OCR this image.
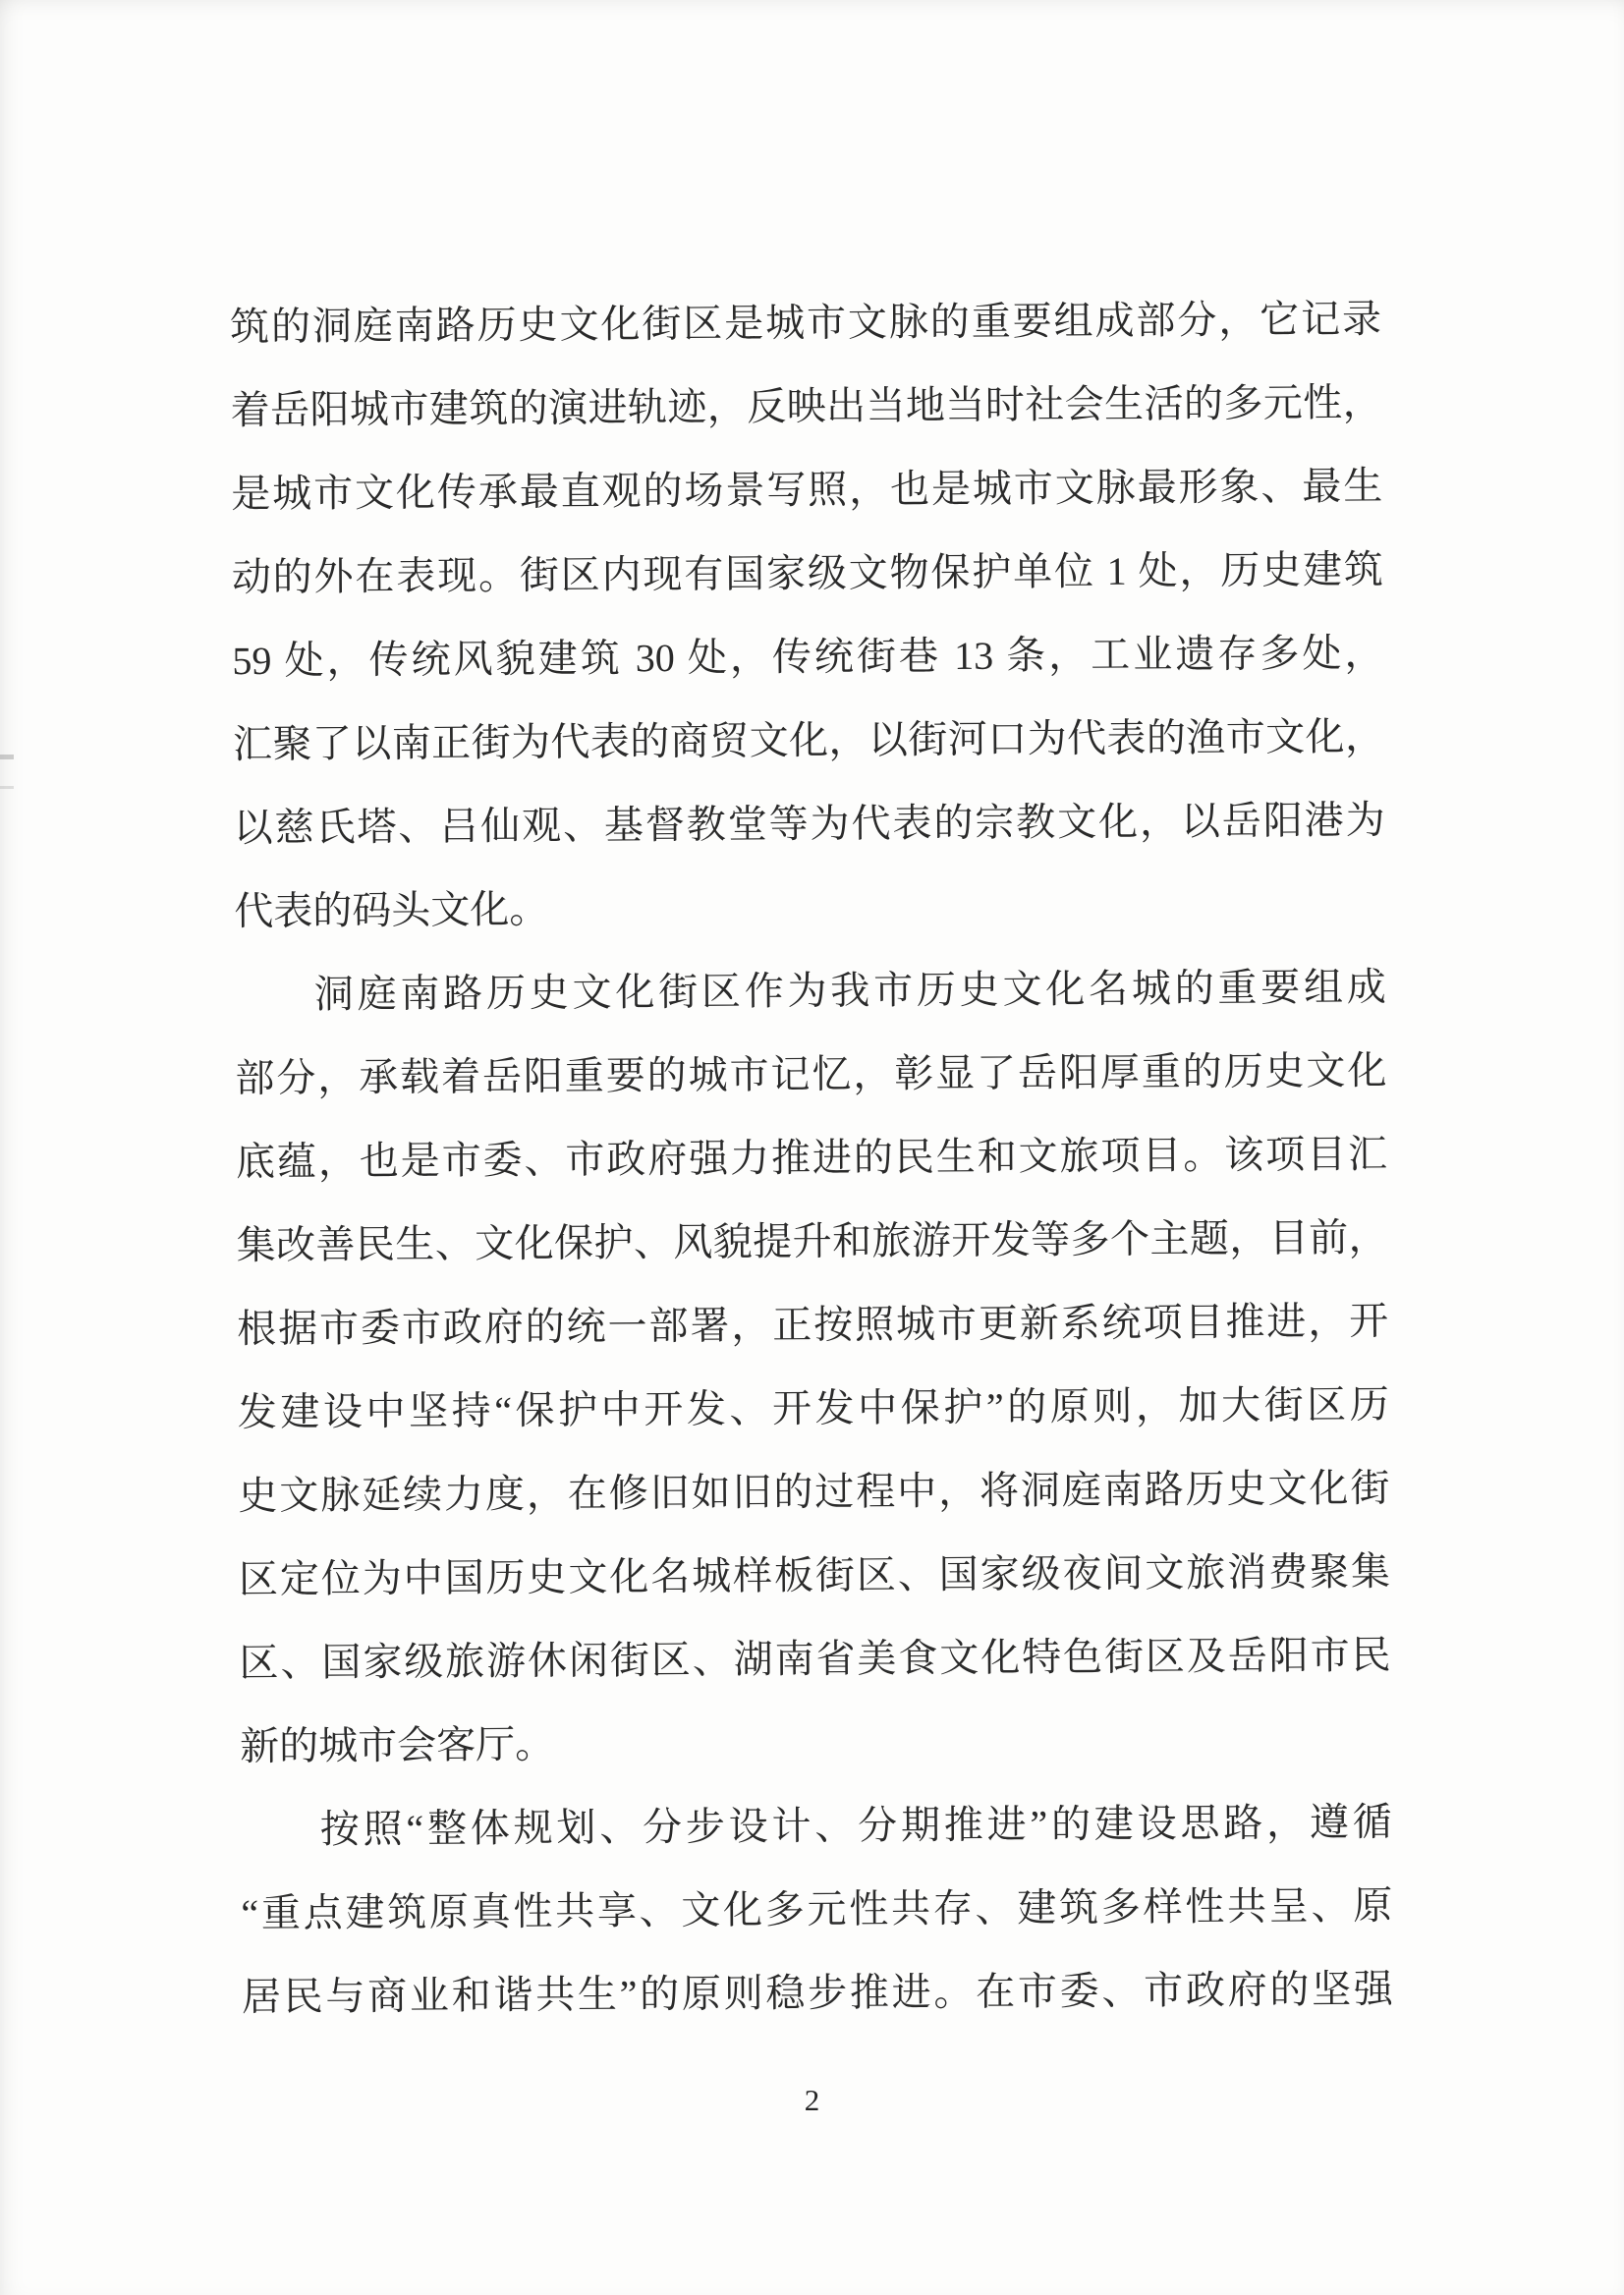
筑的洞庭南路历史文化街区是城市文脉的重要组成部分，它记录
着岳阳城市建筑的演进轨迹，反映出当地当时社会生活的多元性，
是城市文化传承最直观的场景写照，也是城市文脉最形象、最生
动的外在表现。街区内现有国家级文物保护单位 1 处，历史建筑
59 处，传统风貌建筑 30 处，传统街巷 13 条，工业遗存多处，
汇聚了以南正街为代表的商贸文化，以街河口为代表的渔市文化，
以慈氏塔、吕仙观、基督教堂等为代表的宗教文化，以岳阳港为
代表的码头文化。
洞庭南路历史文化街区作为我市历史文化名城的重要组成
部分，承载着岳阳重要的城市记忆，彰显了岳阳厚重的历史文化
底蕴，也是市委、市政府强力推进的民生和文旅项目。该项目汇
集改善民生、文化保护、风貌提升和旅游开发等多个主题，目前，
根据市委市政府的统一部署，正按照城市更新系统项目推进，开
发建设中坚持“保护中开发、开发中保护”的原则，加大街区历
史文脉延续力度，在修旧如旧的过程中，将洞庭南路历史文化街
区定位为中国历史文化名城样板街区、国家级夜间文旅消费聚集
区、国家级旅游休闲街区、湖南省美食文化特色街区及岳阳市民
新的城市会客厅。
按照“整体规划、分步设计、分期推进”的建设思路，遵循
“重点建筑原真性共享、文化多元性共存、建筑多样性共呈、原
居民与商业和谐共生”的原则稳步推进。在市委、市政府的坚强
2
